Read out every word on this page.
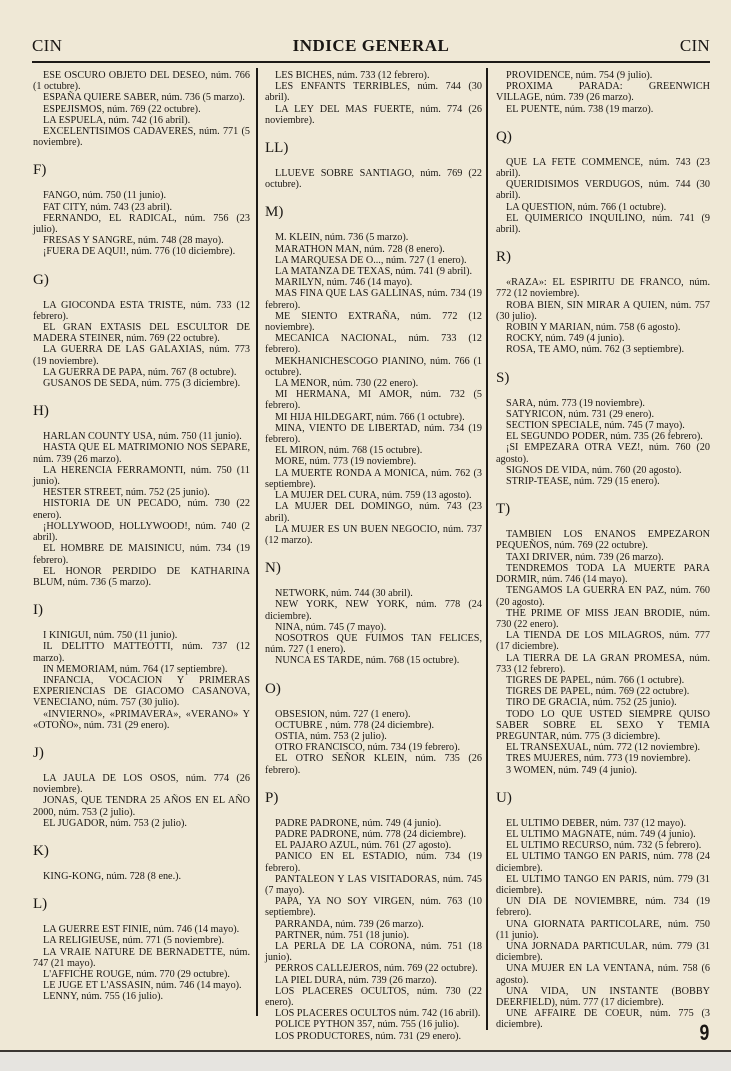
CIN	INDICE GENERAL	CIN

ESE OSCURO OBJETO DEL DESEO, núm. 766 (1 octubre).

ESPAÑA QUIERE SABER, núm. 736 (5 marzo).

ESPEJISMOS, núm. 769 (22 octubre).

LA ESPUELA, núm. 742 (16 abril).

EXCELENTISIMOS CADAVERES, núm. 771 (5 noviembre).

F)

FANGO, núm. 750 (11 junio).

FAT CITY, núm. 743 (23 abril).

FERNANDO, EL RADICAL, núm. 756 (23 julio).

FRESAS Y SANGRE, núm. 748 (28 mayo).

¡FUERA DE AQUI!, núm. 776 (10 diciembre).

G)

LA GIOCONDA ESTA TRISTE, núm. 733 (12 febrero).

EL GRAN EXTASIS DEL ESCULTOR DE MADERA STEINER, núm. 769 (22 octubre).

LA GUERRA DE LAS GALAXIAS, núm. 773 (19 noviembre).

LA GUERRA DE PAPA, núm. 767 (8 octubre).

GUSANOS DE SEDA, núm. 775 (3 diciembre).

H)

HARLAN COUNTY USA, núm. 750 (11 junio).

HASTA QUE EL MATRIMONIO NOS SEPARE, núm. 739 (26 marzo).

LA HERENCIA FERRAMONTI, núm. 750 (11 junio).

HESTER STREET, núm. 752 (25 junio).

HISTORIA DE UN PECADO, núm. 730 (22 enero).

¡HOLLYWOOD, HOLLYWOOD!, núm. 740 (2 abril).

EL HOMBRE DE MAISINICU, núm. 734 (19 febrero).

EL HONOR PERDIDO DE KATHARINA BLUM, núm. 736 (5 marzo).

I)

I KINIGUI, núm. 750 (11 junio).

IL DELITTO MATTEOTTI, núm. 737 (12 marzo).

IN MEMORIAM, núm. 764 (17 septiembre).

INFANCIA, VOCACION Y PRIMERAS EXPERIENCIAS DE GIACOMO CASANOVA, VENECIANO, núm. 757 (30 julio).

«INVIERNO», «PRIMAVERA», «VERANO» Y «OTOÑO», núm. 731 (29 enero).

J)

LA JAULA DE LOS OSOS, núm. 774 (26 noviembre).

JONAS, QUE TENDRA 25 AÑOS EN EL AÑO 2000, núm. 753 (2 julio).

EL JUGADOR, núm. 753 (2 julio).

K)

KING-KONG, núm. 728 (8 ene.).

L)

LA GUERRE EST FINIE, núm. 746 (14 mayo).

LA RELIGIEUSE, núm. 771 (5 noviembre).

LA VRAIE NATURE DE BERNADETTE, núm. 747 (21 mayo).

L'AFFICHE ROUGE, núm. 770 (29 octubre).

LE JUGE ET L'ASSASIN, núm. 746 (14 mayo).

LENNY, núm. 755 (16 julio).

LES BICHES, núm. 733 (12 febrero).

LES ENFANTS TERRIBLES, núm. 744 (30 abril).

LA LEY DEL MAS FUERTE, núm. 774 (26 noviembre).

LL)

LLUEVE SOBRE SANTIAGO, núm. 769 (22 octubre).

M)

M. KLEIN, núm. 736 (5 marzo).

MARATHON MAN, núm. 728 (8 enero).

LA MARQUESA DE O..., núm. 727 (1 enero).

LA MATANZA DE TEXAS, núm. 741 (9 abril).

MARILYN, núm. 746 (14 mayo).

MAS FINA QUE LAS GALLINAS, núm. 734 (19 febrero).

ME SIENTO EXTRAÑA, núm. 772 (12 noviembre).

MECANICA NACIONAL, núm. 733 (12 febrero).

MEKHANICHESCOGO PIANINO, núm. 766 (1 octubre).

LA MENOR, núm. 730 (22 enero).

MI HERMANA, MI AMOR, núm. 732 (5 febrero).

MI HIJA HILDEGART, núm. 766 (1 octubre).

MINA, VIENTO DE LIBERTAD, núm. 734 (19 febrero).

EL MIRON, núm. 768 (15 octubre).

MORE, núm. 773 (19 noviembre).

LA MUERTE RONDA A MONICA, núm. 762 (3 septiembre).

LA MUJER DEL CURA, núm. 759 (13 agosto).

LA MUJER DEL DOMINGO, núm. 743 (23 abril).

LA MUJER ES UN BUEN NEGOCIO, núm. 737 (12 marzo).

N)

NETWORK, núm. 744 (30 abril).

NEW YORK, NEW YORK, núm. 778 (24 diciembre).

NINA, núm. 745 (7 mayo).

NOSOTROS QUE FUIMOS TAN FELICES, núm. 727 (1 enero).

NUNCA ES TARDE, núm. 768 (15 octubre).

O)

OBSESION, núm. 727 (1 enero).

OCTUBRE , núm. 778 (24 diciembre).

OSTIA, núm. 753 (2 julio).

OTRO FRANCISCO, núm. 734 (19 febrero).

EL OTRO SEÑOR KLEIN, núm. 735 (26 febrero).

P)

PADRE PADRONE, núm. 749 (4 junio).

PADRE PADRONE, núm. 778 (24 diciembre).

EL PAJARO AZUL, núm. 761 (27 agosto).

PANICO EN EL ESTADIO, núm. 734 (19 febrero).

PANTALEON Y LAS VISITADORAS, núm. 745 (7 mayo).

PAPA, YA NO SOY VIRGEN, núm. 763 (10 septiembre).

PARRANDA, núm. 739 (26 marzo).

PARTNER, núm. 751 (18 junio).

LA PERLA DE LA CORONA, núm. 751 (18 junio).

PERROS CALLEJEROS, núm. 769 (22 octubre).

LA PIEL DURA, núm. 739 (26 marzo).

LOS PLACERES OCULTOS, núm. 730 (22 enero).

LOS PLACERES OCULTOS núm. 742 (16 abril).

POLICE PYTHON 357, núm. 755 (16 julio).

LOS PRODUCTORES, núm. 731 (29 enero).

PROVIDENCE, núm. 754 (9 julio).

PROXIMA PARADA: GREENWICH VILLAGE, núm. 739 (26 marzo).

EL PUENTE, núm. 738 (19 marzo).

Q)

QUE LA FETE COMMENCE, núm. 743 (23 abril).

QUERIDISIMOS VERDUGOS, núm. 744 (30 abril).

LA QUESTION, núm. 766 (1 octubre).

EL QUIMERICO INQUILINO, núm. 741 (9 abril).

R)

«RAZA»: EL ESPIRITU DE FRANCO, núm. 772 (12 noviembre).

ROBA BIEN, SIN MIRAR A QUIEN, núm. 757 (30 julio).

ROBIN Y MARIAN, núm. 758 (6 agosto).

ROCKY, núm. 749 (4 junio).

ROSA, TE AMO, núm. 762 (3 septiembre).

S)

SARA, núm. 773 (19 noviembre).

SATYRICON, núm. 731 (29 enero).

SECTION SPECIALE, núm. 745 (7 mayo).

EL SEGUNDO PODER, núm. 735 (26 febrero).

¡SI EMPEZARA OTRA VEZ!, núm. 760 (20 agosto).

SIGNOS DE VIDA, núm. 760 (20 agosto).

STRIP-TEASE, núm. 729 (15 enero).

T)

TAMBIEN LOS ENANOS EMPEZARON PEQUEÑOS, núm. 769 (22 octubre).

TAXI DRIVER, núm. 739 (26 marzo).

TENDREMOS TODA LA MUERTE PARA DORMIR, núm. 746 (14 mayo).

TENGAMOS LA GUERRA EN PAZ, núm. 760 (20 agosto).

THE PRIME OF MISS JEAN BRODIE, núm. 730 (22 enero).

LA TIENDA DE LOS MILAGROS, núm. 777 (17 diciembre).

LA TIERRA DE LA GRAN PROMESA, núm. 733 (12 febrero).

TIGRES DE PAPEL, núm. 766 (1 octubre).

TIGRES DE PAPEL, núm. 769 (22 octubre).

TIRO DE GRACIA, núm. 752 (25 junio).

TODO LO QUE USTED SIEMPRE QUISO SABER SOBRE EL SEXO Y TEMIA PREGUNTAR, núm. 775 (3 diciembre).

EL TRANSEXUAL, núm. 772 (12 noviembre).

TRES MUJERES, núm. 773 (19 noviembre).

3 WOMEN, núm. 749 (4 junio).

U)

EL ULTIMO DEBER, núm. 737 (12 mayo).

EL ULTIMO MAGNATE, núm. 749 (4 junio).

EL ULTIMO RECURSO, núm. 732 (5 febrero).

EL ULTIMO TANGO EN PARIS, núm. 778 (24 diciembre).

EL ULTIMO TANGO EN PARIS, núm. 779 (31 diciembre).

UN DIA DE NOVIEMBRE, núm. 734 (19 febrero).

UNA GIORNATA PARTICOLARE, núm. 750 (11 junio).

UNA JORNADA PARTICULAR, núm. 779 (31 diciembre).

UNA MUJER EN LA VENTANA, núm. 758 (6 agosto).

UNA VIDA, UN INSTANTE (BOBBY DEERFIELD), núm. 777 (17 diciembre).

UNE AFFAIRE DE COEUR, núm. 775 (3 diciembre).	9
